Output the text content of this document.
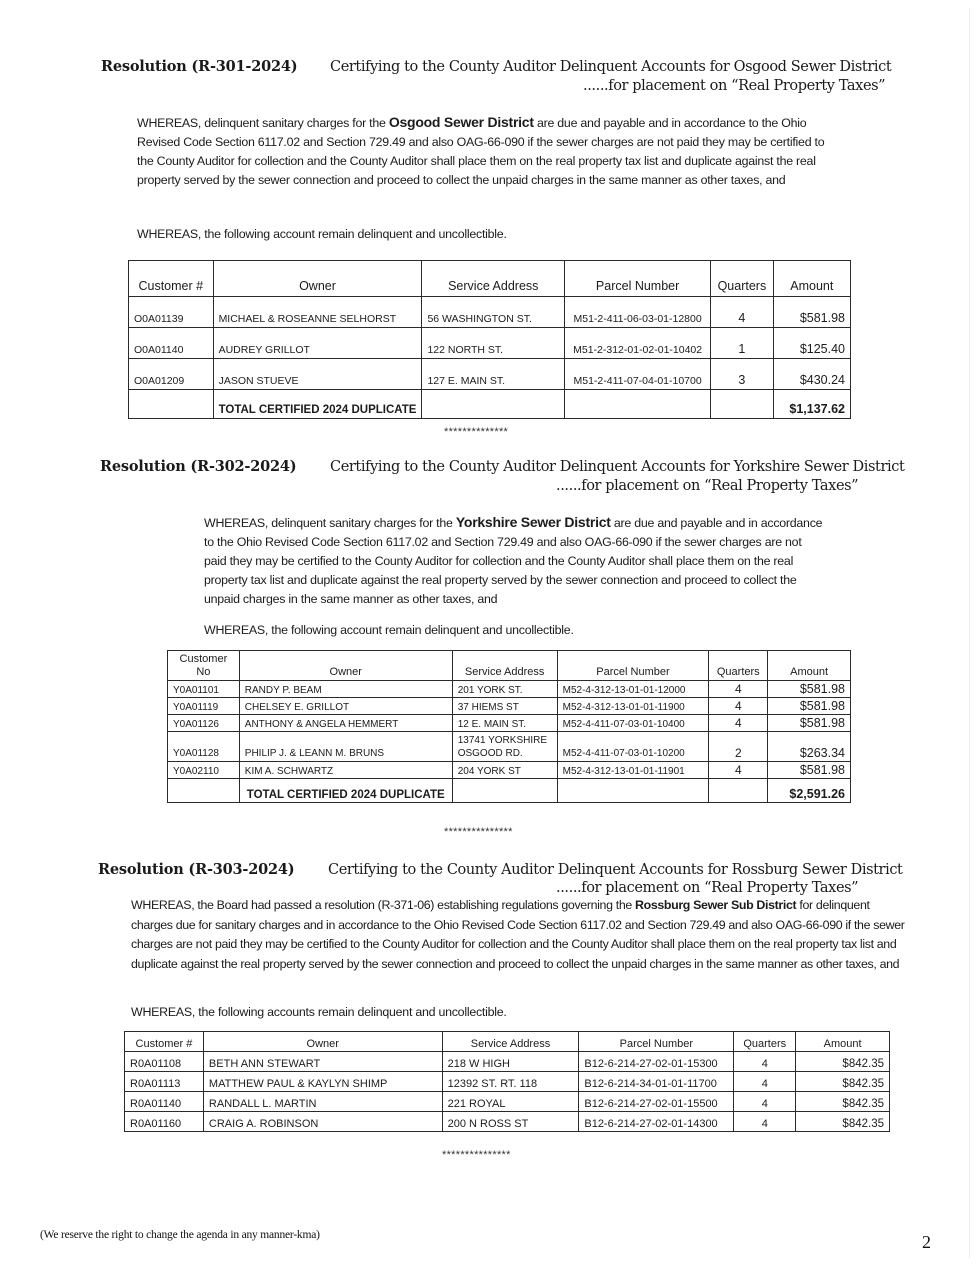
Resolution (R-301-2024) Certifying to the County Auditor Delinquent Accounts for Osgood Sewer District
......for placement on “Real Property Taxes”
WHEREAS, delinquent sanitary charges for the Osgood Sewer District are due and payable and in accordance to the Ohio Revised Code Section 6117.02 and Section 729.49 and also OAG-66-090 if the sewer charges are not paid they may be certified to the County Auditor for collection and the County Auditor shall place them on the real property tax list and duplicate against the real property served by the sewer connection and proceed to collect the unpaid charges in the same manner as other taxes, and
WHEREAS, the following account remain delinquent and uncollectible.
Customer #	Owner	Service Address	Parcel Number	Quarters	Amount
O0A01139	MICHAEL & ROSEANNE SELHORST	56 WASHINGTON ST.	M51-2-411-06-03-01-12800	4	$581.98
O0A01140	AUDREY GRILLOT	122 NORTH ST.	M51-2-312-01-02-01-10402	1	$125.40
O0A01209	JASON STUEVE	127 E. MAIN ST.	M51-2-411-07-04-01-10700	3	$430.24
	TOTAL CERTIFIED 2024 DUPLICATE				$1,137.62
**************
Resolution (R-302-2024) Certifying to the County Auditor Delinquent Accounts for Yorkshire Sewer District
......for placement on “Real Property Taxes”
WHEREAS, delinquent sanitary charges for the Yorkshire Sewer District are due and payable and in accordance to the Ohio Revised Code Section 6117.02 and Section 729.49 and also OAG-66-090 if the sewer charges are not paid they may be certified to the County Auditor for collection and the County Auditor shall place them on the real property tax list and duplicate against the real property served by the sewer connection and proceed to collect the unpaid charges in the same manner as other taxes, and
WHEREAS, the following account remain delinquent and uncollectible.
Customer
No	Owner	Service Address	Parcel Number	Quarters	Amount
Y0A01101	RANDY P. BEAM	201 YORK ST.	M52-4-312-13-01-01-12000	4	$581.98
Y0A01119	CHELSEY E. GRILLOT	37 HIEMS ST	M52-4-312-13-01-01-11900	4	$581.98
Y0A01126	ANTHONY & ANGELA HEMMERT	12 E. MAIN ST.	M52-4-411-07-03-01-10400	4	$581.98
Y0A01128	PHILIP J. & LEANN M. BRUNS	13741 YORKSHIRE
OSGOOD RD.	M52-4-411-07-03-01-10200	2	$263.34
Y0A02110	KIM A. SCHWARTZ	204 YORK ST	M52-4-312-13-01-01-11901	4	$581.98
	TOTAL CERTIFIED 2024 DUPLICATE				$2,591.26
***************
Resolution (R-303-2024) Certifying to the County Auditor Delinquent Accounts for Rossburg Sewer District
......for placement on “Real Property Taxes”
WHEREAS, the Board had passed a resolution (R-371-06) establishing regulations governing the Rossburg Sewer Sub District for delinquent charges due for sanitary charges and in accordance to the Ohio Revised Code Section 6117.02 and Section 729.49 and also OAG-66-090 if the sewer charges are not paid they may be certified to the County Auditor for collection and the County Auditor shall place them on the real property tax list and duplicate against the real property served by the sewer connection and proceed to collect the unpaid charges in the same manner as other taxes, and
WHEREAS, the following accounts remain delinquent and uncollectible.
Customer #	Owner	Service Address	Parcel Number	Quarters	Amount
R0A01108	BETH ANN STEWART	218 W HIGH	B12-6-214-27-02-01-15300	4	$842.35
R0A01113	MATTHEW PAUL & KAYLYN SHIMP	12392 ST. RT. 118	B12-6-214-34-01-01-11700	4	$842.35
R0A01140	RANDALL L. MARTIN	221 ROYAL	B12-6-214-27-02-01-15500	4	$842.35
R0A01160	CRAIG A. ROBINSON	200 N ROSS ST	B12-6-214-27-02-01-14300	4	$842.35
***************
(We reserve the right to change the agenda in any manner-kma)	2
